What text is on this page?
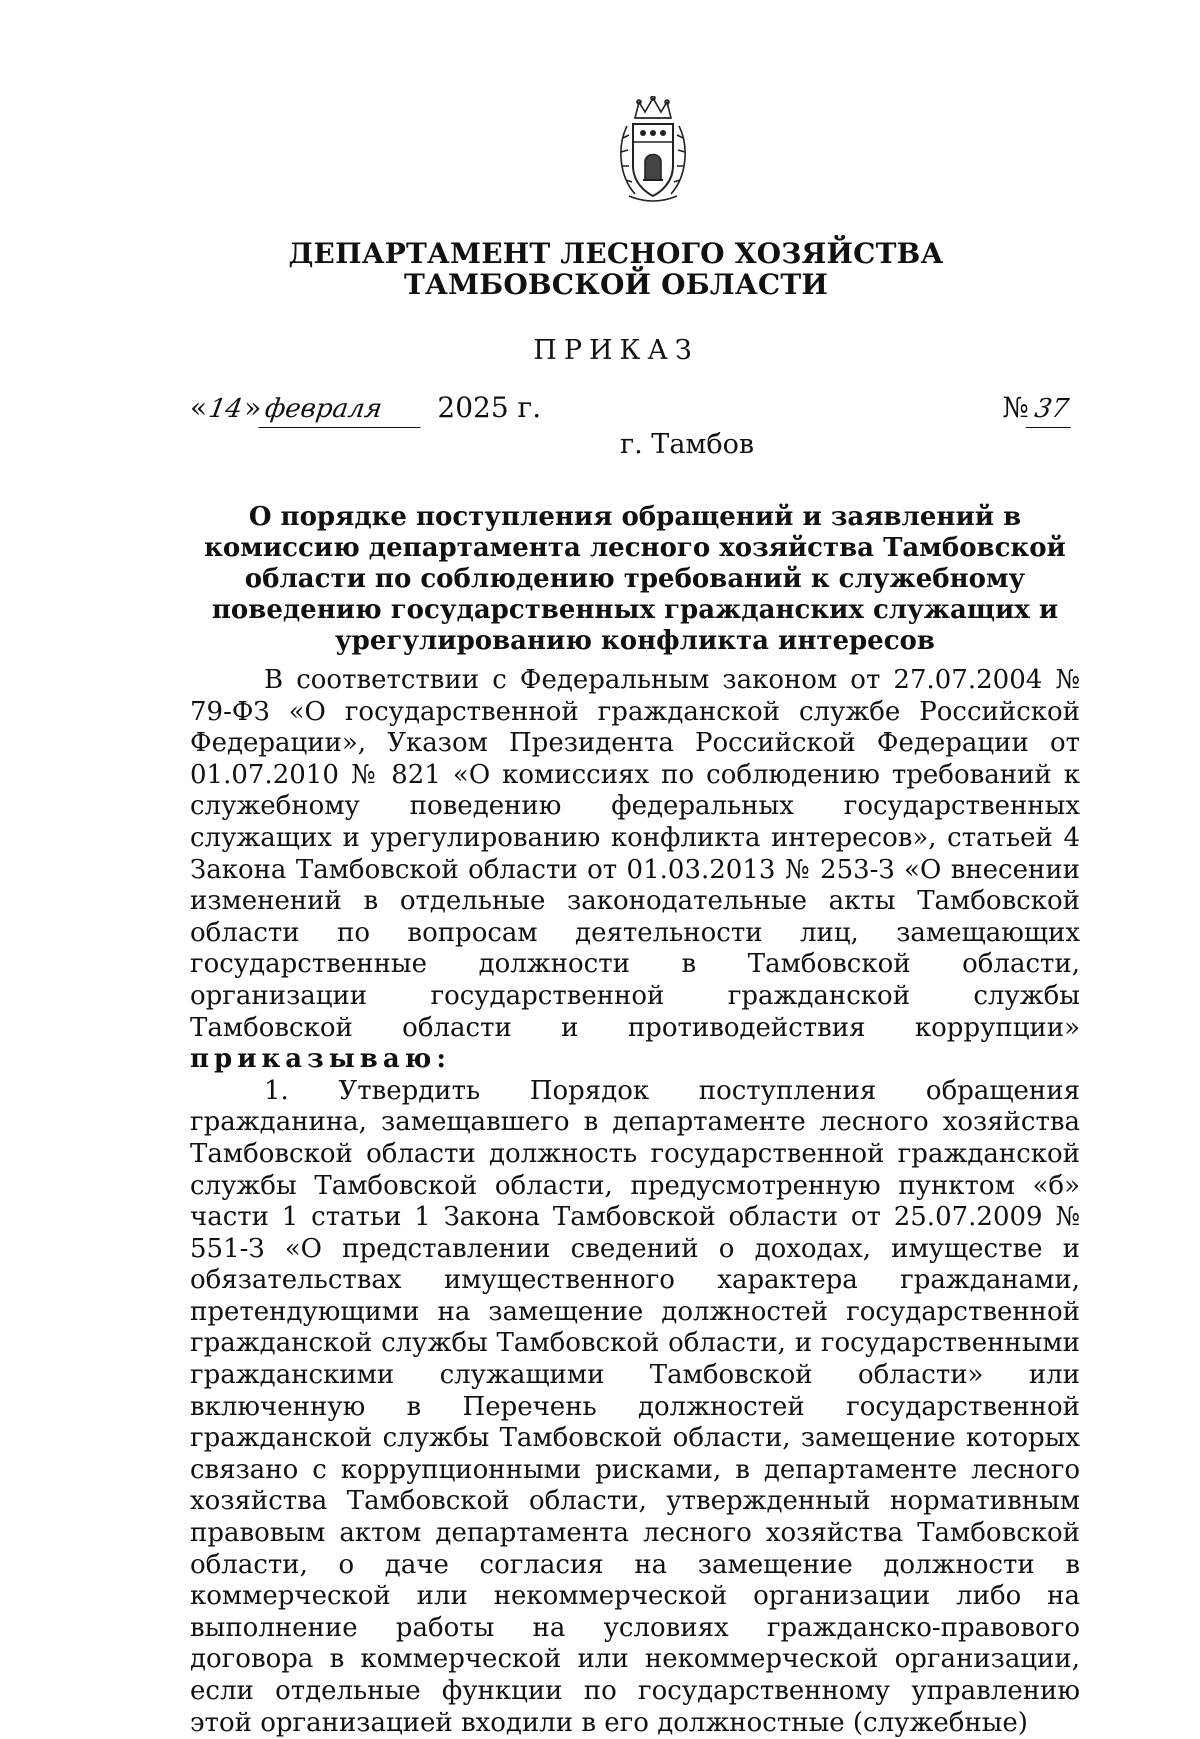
ДЕПАРТАМЕНТ ЛЕСНОГО ХОЗЯЙСТВА
ТАМБОВСКОЙ ОБЛАСТИ
ПРИКАЗ
«14»февраля 2025 г.	№ 37
г. Тамбов
О порядке поступления обращений и заявлений в комиссию департамента лесного хозяйства Тамбовской области по соблюдению требований к служебному поведению государственных гражданских служащих и урегулированию конфликта интересов

В соответствии с Федеральным законом от 27.07.2004 № 79-ФЗ «О государственной гражданской службе Российской Федерации», Указом Президента Российской Федерации от 01.07.2010 № 821 «О комиссиях по соблюдению требований к служебному поведению федеральных государственных служащих и урегулированию конфликта интересов», статьей 4 Закона Тамбовской области от 01.03.2013 № 253-З «О внесении изменений в отдельные законодательные акты Тамбовской области по вопросам деятельности лиц, замещающих государственные должности в Тамбовской области, организации государственной гражданской службы Тамбовской области и противодействия коррупции» приказываю:

1. Утвердить Порядок поступления обращения гражданина, замещавшего в департаменте лесного хозяйства Тамбовской области должность государственной гражданской службы Тамбовской области, предусмотренную пунктом «б» части 1 статьи 1 Закона Тамбовской области от 25.07.2009 № 551-З «О представлении сведений о доходах, имуществе и обязательствах имущественного характера гражданами, претендующими на замещение должностей государственной гражданской службы Тамбовской области, и государственными гражданскими служащими Тамбовской области» или включенную в Перечень должностей государственной гражданской службы Тамбовской области, замещение которых связано с коррупционными рисками, в департаменте лесного хозяйства Тамбовской области, утвержденный нормативным правовым актом департамента лесного хозяйства Тамбовской области, о даче согласия на замещение должности в коммерческой или некоммерческой организации либо на выполнение работы на условиях гражданско-правового договора в коммерческой или некоммерческой организации, если отдельные функции по государственному управлению этой организацией входили в его должностные (служебные)
